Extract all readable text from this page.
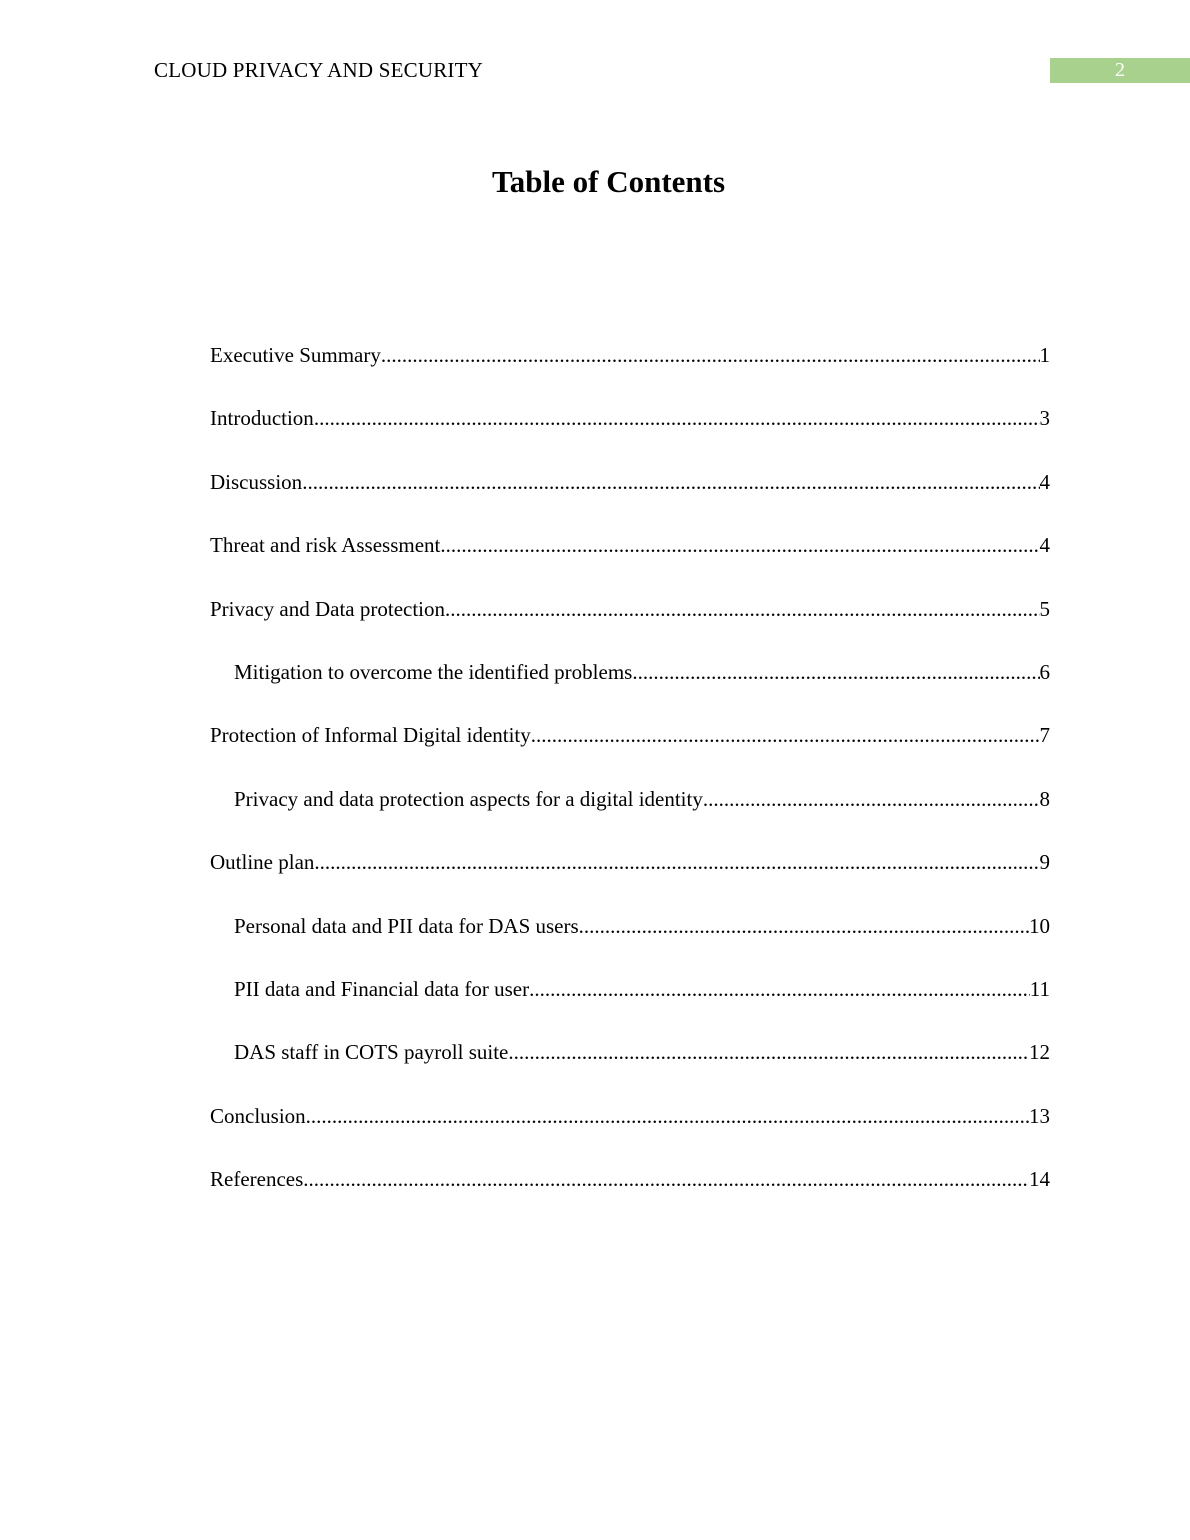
CLOUD PRIVACY AND SECURITY	2
Table of Contents
Executive Summary .....	1
Introduction .....	3
Discussion .....	4
Threat and risk Assessment .....	4
Privacy and Data protection .....	5
Mitigation to overcome the identified problems .....	6
Protection of Informal Digital identity .....	7
Privacy and data protection aspects for a digital identity .....	8
Outline plan .....	9
Personal data and PII data for DAS users .....	10
PII data and Financial data for user .....	11
DAS staff in COTS payroll suite .....	12
Conclusion .....	13
References .....	14
